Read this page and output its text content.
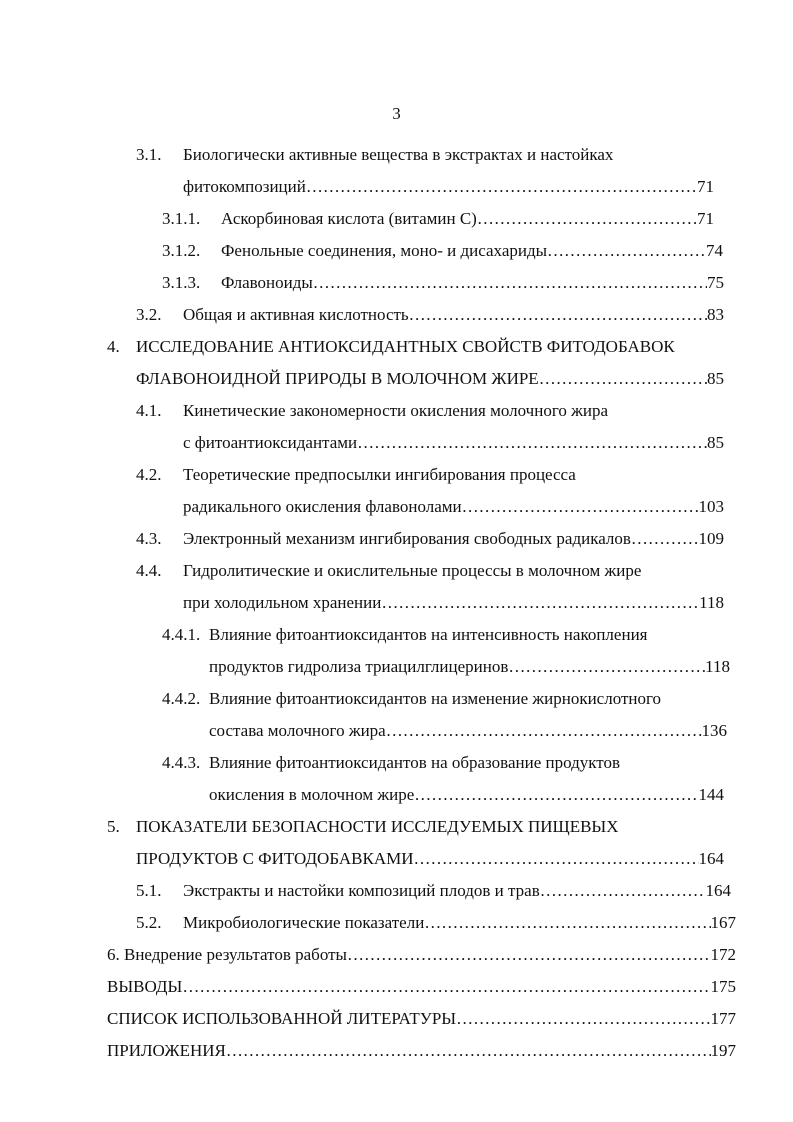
3
3.1. Биологически активные вещества в экстрактах и настойках
фитокомпозиций …………………………………………………………………………………………………………………………………………	71
3.1.1. Аскорбиновая кислота (витамин С) …………………………………………………………………………………………………………………………………………	71
3.1.2. Фенольные соединения, моно- и дисахариды …………………………………………………………………………………………………………………………………………	74
3.1.3. Флавоноиды …………………………………………………………………………………………………………………………………………	75
3.2. Общая и активная кислотность …………………………………………………………………………………………………………………………………………	83
4. ИССЛЕДОВАНИЕ АНТИОКСИДАНТНЫХ СВОЙСТВ ФИТОДОБАВОК
ФЛАВОНОИДНОЙ ПРИРОДЫ В МОЛОЧНОМ ЖИРЕ …………………………………………………………………………………………………………………………………………	85
4.1. Кинетические закономерности окисления молочного жира
с фитоантиоксидантами …………………………………………………………………………………………………………………………………………	85
4.2. Теоретические предпосылки ингибирования процесса
радикального окисления флавонолами …………………………………………………………………………………………………………………………………………	103
4.3. Электронный механизм ингибирования свободных радикалов …………………………………………………………………………………………………………………………………………	109
4.4. Гидролитические и окислительные процессы в молочном жире
при холодильном хранении …………………………………………………………………………………………………………………………………………	118
4.4.1. Влияние фитоантиоксидантов на интенсивность накопления
продуктов гидролиза триацилглицеринов …………………………………………………………………………………………………………………………………………	118
4.4.2. Влияние фитоантиоксидантов на изменение жирнокислотного
состава молочного жира …………………………………………………………………………………………………………………………………………	136
4.4.3. Влияние фитоантиоксидантов на образование продуктов
окисления в молочном жире …………………………………………………………………………………………………………………………………………	144
5. ПОКАЗАТЕЛИ БЕЗОПАСНОСТИ ИССЛЕДУЕМЫХ ПИЩЕВЫХ
ПРОДУКТОВ С ФИТОДОБАВКАМИ …………………………………………………………………………………………………………………………………………	164
5.1. Экстракты и настойки композиций плодов и трав …………………………………………………………………………………………………………………………………………	164
5.2. Микробиологические показатели …………………………………………………………………………………………………………………………………………	167
6. Внедрение результатов работы …………………………………………………………………………………………………………………………………………	172
ВЫВОДЫ …………………………………………………………………………………………………………………………………………	175
СПИСОК ИСПОЛЬЗОВАННОЙ ЛИТЕРАТУРЫ …………………………………………………………………………………………………………………………………………	177
ПРИЛОЖЕНИЯ …………………………………………………………………………………………………………………………………………	197
